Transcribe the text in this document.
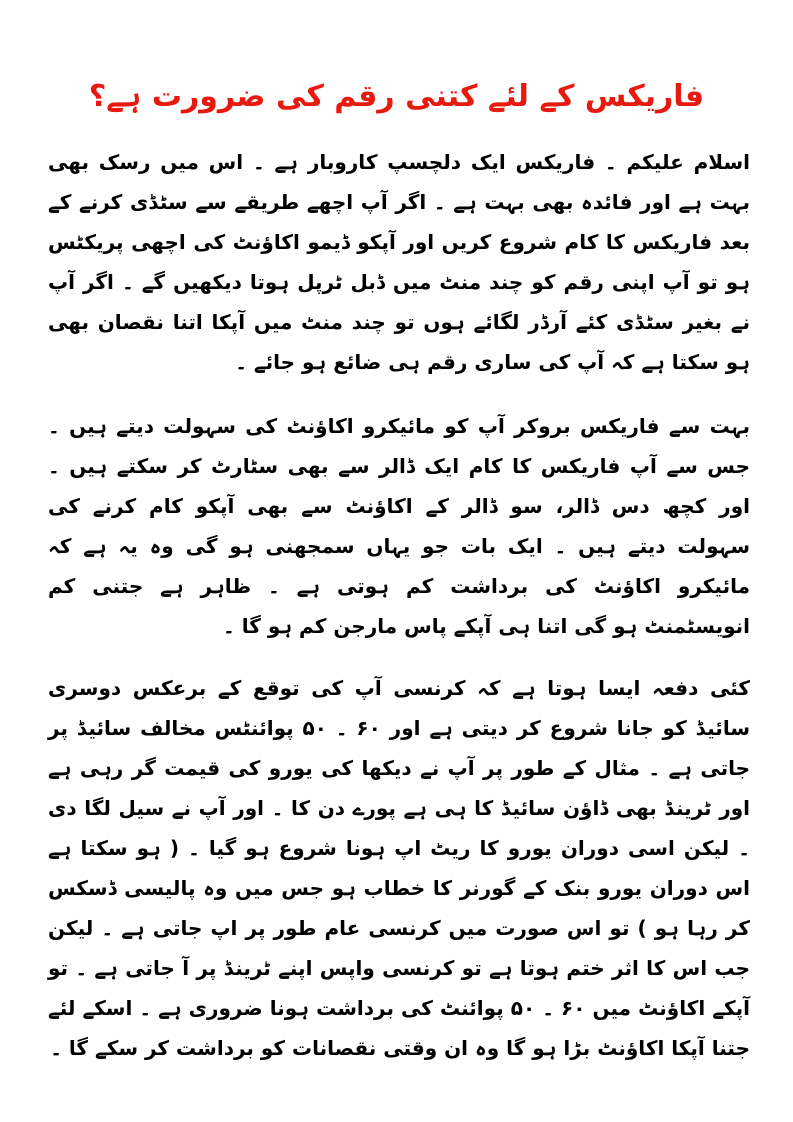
فاریکس کے لئے کتنی رقم کی ضرورت ہے؟

اسلام علیکم ۔ فاریکس ایک دلچسپ کاروبار ہے ۔ اس میں رسک بھی بہت ہے اور فائدہ بھی بہت ہے ۔ اگر آپ اچھے طریقے سے سٹڈی کرنے کے بعد فاریکس کا کام شروع کریں اور آپکو ڈیمو اکاؤنٹ کی اچھی پریکٹس ہو تو آپ اپنی رقم کو چند منٹ میں ڈبل ٹرپل ہوتا دیکھیں گے ۔ اگر آپ نے بغیر سٹڈی کئے آرڈر لگائے ہوں تو چند منٹ میں آپکا اتنا نقصان بھی ہو سکتا ہے کہ آپ کی ساری رقم ہی ضائع ہو جائے ۔

بہت سے فاریکس بروکر آپ کو مائیکرو اکاؤنٹ کی سہولت دیتے ہیں ۔ جس سے آپ فاریکس کا کام ایک ڈالر سے بھی سٹارٹ کر سکتے ہیں ۔ اور کچھ دس ڈالر، سو ڈالر کے اکاؤنٹ سے بھی آپکو کام کرنے کی سہولت دیتے ہیں ۔ ایک بات جو یہاں سمجھنی ہو گی وہ یہ ہے کہ مائیکرو اکاؤنٹ کی برداشت کم ہوتی ہے ۔ ظاہر ہے جتنی کم انویسٹمنٹ ہو گی اتنا ہی آپکے پاس مارجن کم ہو گا ۔

کئی دفعہ ایسا ہوتا ہے کہ کرنسی آپ کی توقع کے برعکس دوسری سائیڈ کو جانا شروع کر دیتی ہے اور ۶۰ ۔ ۵۰ پوائنٹس مخالف سائیڈ پر جاتی ہے ۔ مثال کے طور پر آپ نے دیکھا کی یورو کی قیمت گر رہی ہے اور ٹرینڈ بھی ڈاؤن سائیڈ کا ہی ہے پورے دن کا ۔ اور آپ نے سیل لگا دی ۔ لیکن اسی دوران یورو کا ریٹ اپ ہونا شروع ہو گیا ۔ ( ہو سکتا ہے اس دوران یورو بنک کے گورنر کا خطاب ہو جس میں وہ پالیسی ڈسکس کر رہا ہو ) تو اس صورت میں کرنسی عام طور پر اپ جاتی ہے ۔ لیکن جب اس کا اثر ختم ہوتا ہے تو کرنسی واپس اپنے ٹرینڈ پر آ جاتی ہے ۔ تو آپکے اکاؤنٹ میں ۶۰ ۔ ۵۰ پوائنٹ کی برداشت ہونا ضروری ہے ۔ اسکے لئے جتنا آپکا اکاؤنٹ بڑا ہو گا وہ ان وقتی نقصانات کو برداشت کر سکے گا ۔
